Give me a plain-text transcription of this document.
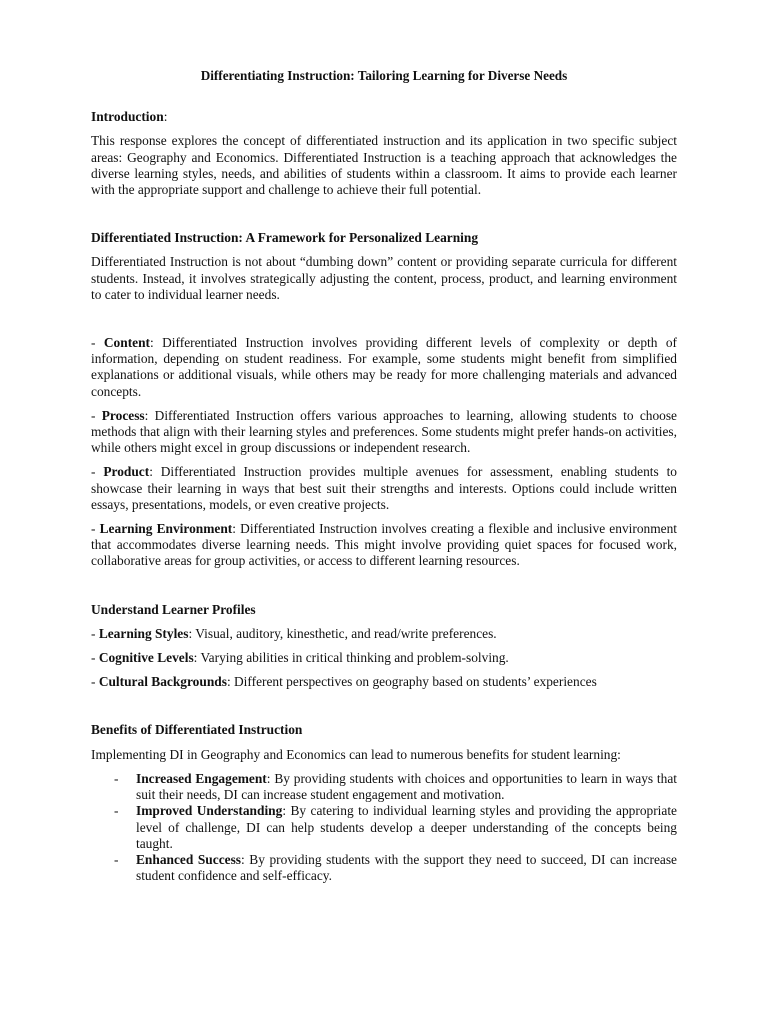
Differentiating Instruction: Tailoring Learning for Diverse Needs
Introduction:

This response explores the concept of differentiated instruction and its application in two specific subject areas: Geography and Economics. Differentiated Instruction is a teaching approach that acknowledges the diverse learning styles, needs, and abilities of students within a classroom. It aims to provide each learner with the appropriate support and challenge to achieve their full potential.

Differentiated Instruction: A Framework for Personalized Learning

Differentiated Instruction is not about “dumbing down” content or providing separate curricula for different students. Instead, it involves strategically adjusting the content, process, product, and learning environment to cater to individual learner needs.

- Content: Differentiated Instruction involves providing different levels of complexity or depth of information, depending on student readiness. For example, some students might benefit from simplified explanations or additional visuals, while others may be ready for more challenging materials and advanced concepts.

- Process: Differentiated Instruction offers various approaches to learning, allowing students to choose methods that align with their learning styles and preferences. Some students might prefer hands-on activities, while others might excel in group discussions or independent research.

- Product: Differentiated Instruction provides multiple avenues for assessment, enabling students to showcase their learning in ways that best suit their strengths and interests. Options could include written essays, presentations, models, or even creative projects.

- Learning Environment: Differentiated Instruction involves creating a flexible and inclusive environment that accommodates diverse learning needs. This might involve providing quiet spaces for focused work, collaborative areas for group activities, or access to different learning resources.

Understand Learner Profiles

- Learning Styles: Visual, auditory, kinesthetic, and read/write preferences.

- Cognitive Levels: Varying abilities in critical thinking and problem-solving.

- Cultural Backgrounds: Different perspectives on geography based on students’ experiences

Benefits of Differentiated Instruction

Implementing DI in Geography and Economics can lead to numerous benefits for student learning:

- Increased Engagement: By providing students with choices and opportunities to learn in ways that suit their needs, DI can increase student engagement and motivation.
- Improved Understanding: By catering to individual learning styles and providing the appropriate level of challenge, DI can help students develop a deeper understanding of the concepts being taught.
- Enhanced Success: By providing students with the support they need to succeed, DI can increase student confidence and self-efficacy.
